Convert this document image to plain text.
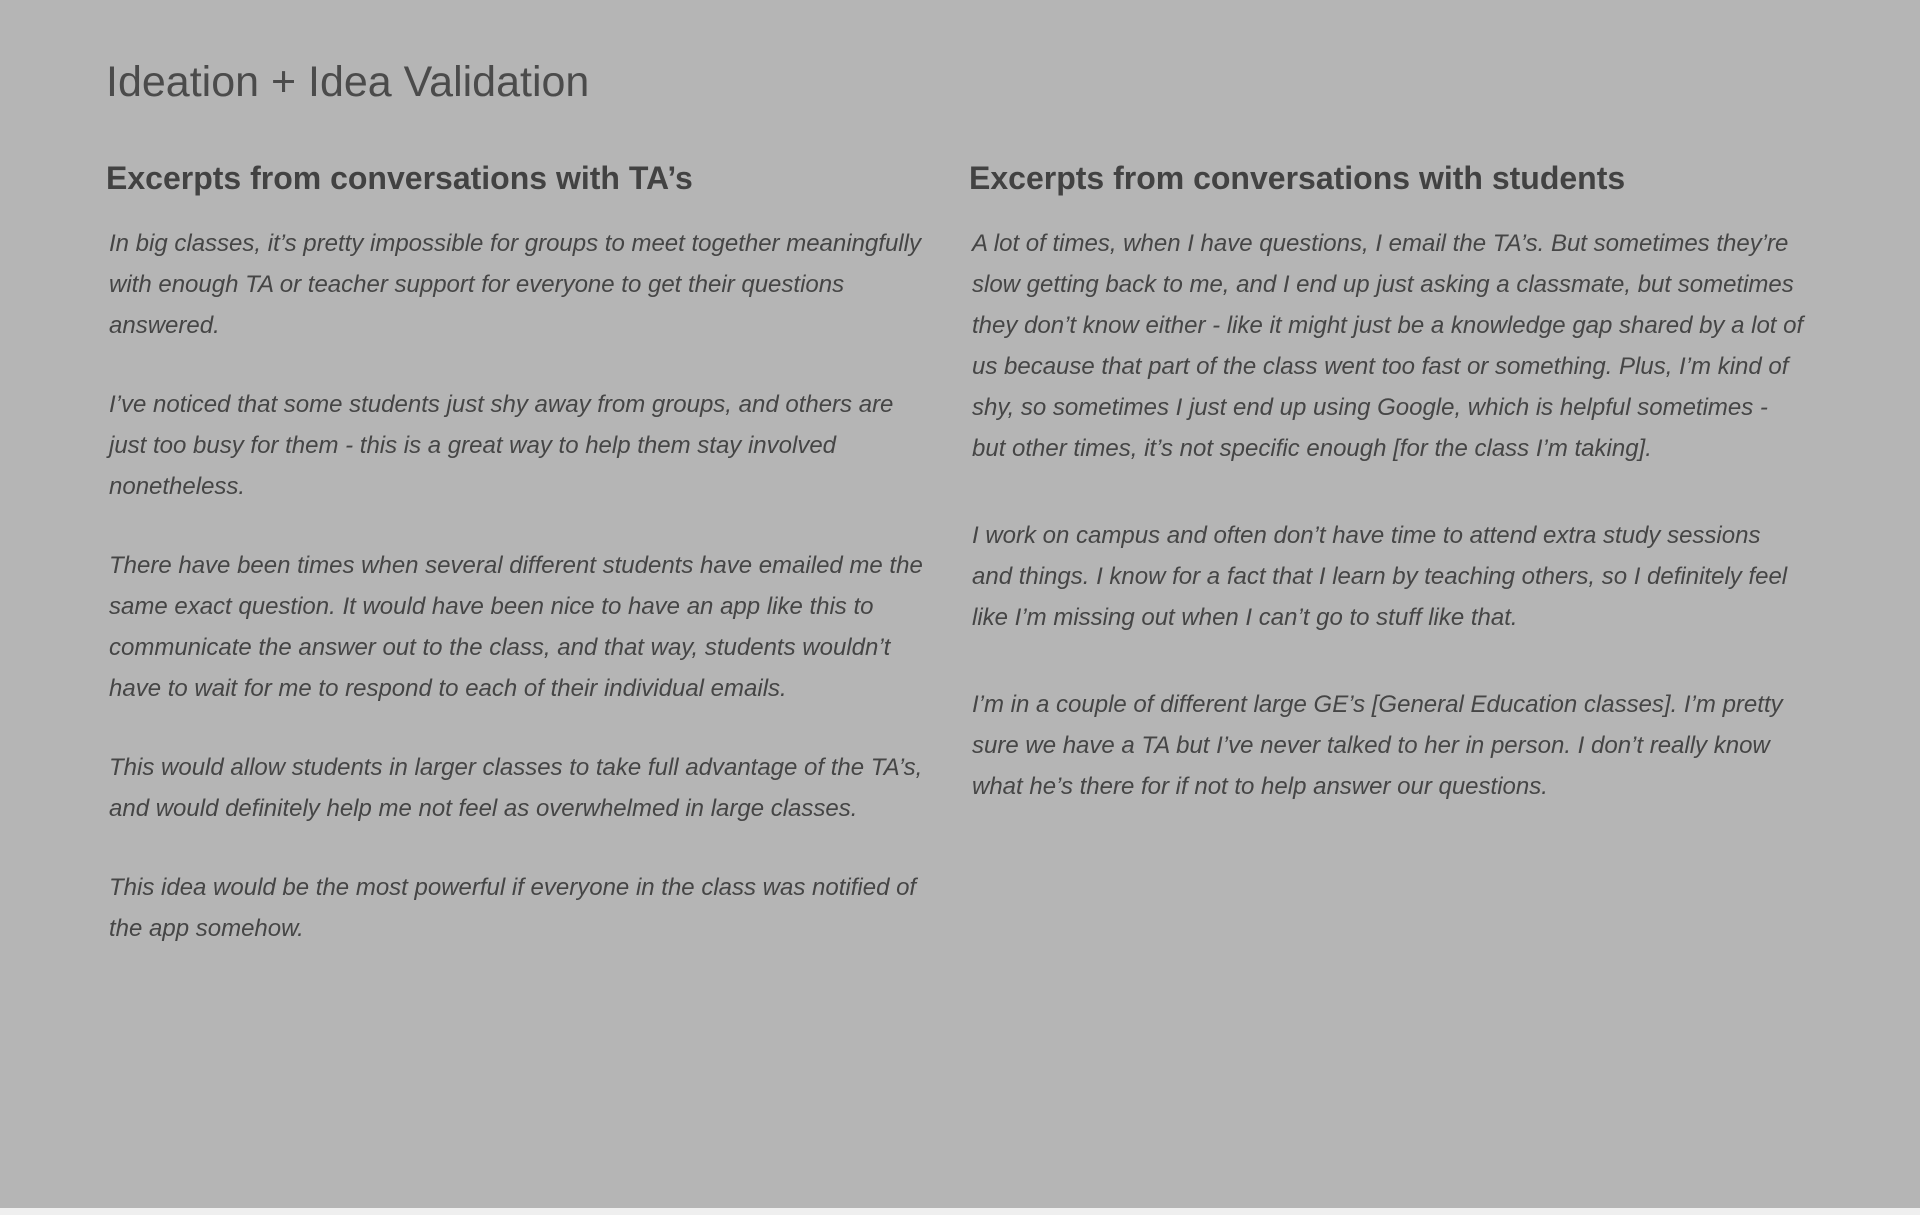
Ideation + Idea Validation
Excerpts from conversations with TA’s

In big classes, it’s pretty impossible for groups to meet together meaningfully with enough TA or teacher support for everyone to get their questions answered.

I’ve noticed that some students just shy away from groups, and others are just too busy for them - this is a great way to help them stay involved nonetheless.

There have been times when several different students have emailed me the same exact question. It would have been nice to have an app like this to communicate the answer out to the class, and that way, students wouldn’t have to wait for me to respond to each of their individual emails.

This would allow students in larger classes to take full advantage of the TA’s, and would definitely help me not feel as overwhelmed in large classes.

This idea would be the most powerful if everyone in the class was notified of the app somehow.

Excerpts from conversations with students

A lot of times, when I have questions, I email the TA’s. But sometimes they’re slow getting back to me, and I end up just asking a classmate, but sometimes they don’t know either - like it might just be a knowledge gap shared by a lot of us because that part of the class went too fast or something. Plus, I’m kind of shy, so sometimes I just end up using Google, which is helpful sometimes - but other times, it’s not specific enough [for the class I’m taking].

I work on campus and often don’t have time to attend extra study sessions and things. I know for a fact that I learn by teaching others, so I definitely feel like I’m missing out when I can’t go to stuff like that.

I’m in a couple of different large GE’s [General Education classes]. I’m pretty sure we have a TA but I’ve never talked to her in person. I don’t really know what he’s there for if not to help answer our questions.
